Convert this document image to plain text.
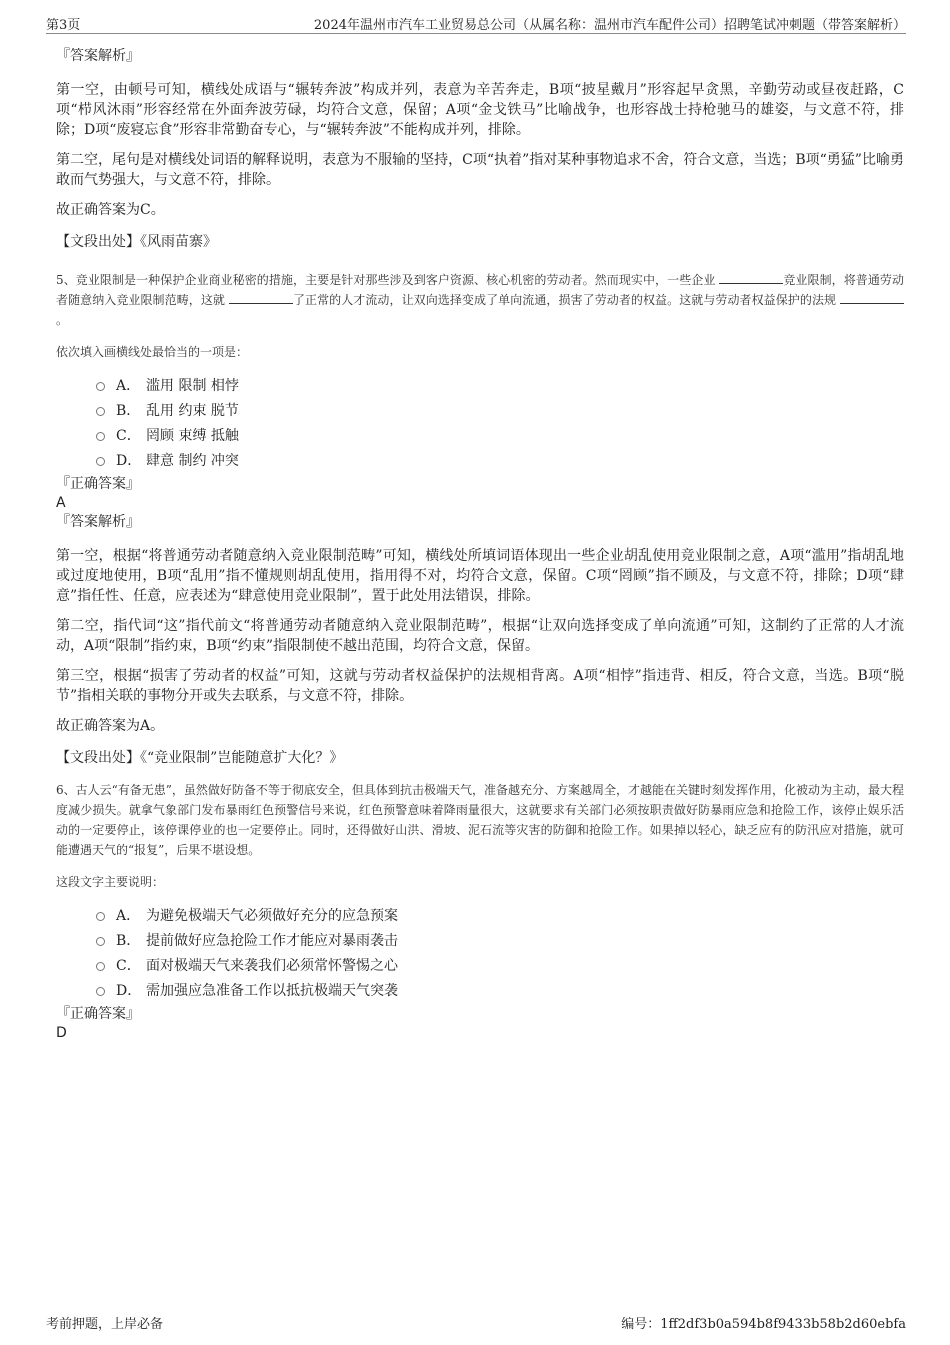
第3页	2024年温州市汽车工业贸易总公司（从属名称：温州市汽车配件公司）招聘笔试冲刺题（带答案解析）

『答案解析』

第一空，由顿号可知，横线处成语与“辗转奔波”构成并列，表意为辛苦奔走，B项“披星戴月”形容起早贪黑，辛勤劳动或昼夜赶路，C项“栉风沐雨”形容经常在外面奔波劳碌，均符合文意，保留；A项“金戈铁马”比喻战争，也形容战士持枪驰马的雄姿，与文意不符，排除；D项“废寝忘食”形容非常勤奋专心，与“辗转奔波”不能构成并列，排除。

第二空，尾句是对横线处词语的解释说明，表意为不服输的坚持，C项“执着”指对某种事物追求不舍，符合文意，当选；B项“勇猛”比喻勇敢而气势强大，与文意不符，排除。

故正确答案为C。

【文段出处】《风雨苗寨》

5、竞业限制是一种保护企业商业秘密的措施，主要是针对那些涉及到客户资源、核心机密的劳动者。然而现实中，一些企业	竞业限制，将普通劳动者随意纳入竞业限制范畴，这就	了正常的人才流动，让双向选择变成了单向流通，损害了劳动者的权益。这就与劳动者权益保护的法规 。

依次填入画横线处最恰当的一项是：

A． 滥用 限制 相悖
B． 乱用 约束 脱节
C． 罔顾 束缚 抵触
D． 肆意 制约 冲突

『正确答案』

A

『答案解析』

第一空，根据“将普通劳动者随意纳入竞业限制范畴”可知，横线处所填词语体现出一些企业胡乱使用竞业限制之意，A项“滥用”指胡乱地或过度地使用，B项“乱用”指不懂规则胡乱使用，指用得不对，均符合文意，保留。C项“罔顾”指不顾及，与文意不符，排除；D项“肆意”指任性、任意，应表述为“肆意使用竞业限制”，置于此处用法错误，排除。

第二空，指代词“这”指代前文“将普通劳动者随意纳入竞业限制范畴”，根据“让双向选择变成了单向流通”可知，这制约了正常的人才流动，A项“限制”指约束，B项“约束”指限制使不越出范围，均符合文意，保留。

第三空，根据“损害了劳动者的权益”可知，这就与劳动者权益保护的法规相背离。A项“相悖”指违背、相反，符合文意，当选。B项“脱节”指相关联的事物分开或失去联系，与文意不符，排除。

故正确答案为A。

【文段出处】《“竞业限制”岂能随意扩大化？》

6、古人云“有备无患”，虽然做好防备不等于彻底安全，但具体到抗击极端天气，准备越充分、方案越周全，才越能在关键时刻发挥作用，化被动为主动，最大程度减少损失。就拿气象部门发布暴雨红色预警信号来说，红色预警意味着降雨量很大，这就要求有关部门必须按职责做好防暴雨应急和抢险工作，该停止娱乐活动的一定要停止，该停课停业的也一定要停止。同时，还得做好山洪、滑坡、泥石流等灾害的防御和抢险工作。如果掉以轻心，缺乏应有的防汛应对措施，就可能遭遇天气的“报复”，后果不堪设想。

这段文字主要说明：

A． 为避免极端天气必须做好充分的应急预案
B． 提前做好应急抢险工作才能应对暴雨袭击
C． 面对极端天气来袭我们必须常怀警惕之心
D． 需加强应急准备工作以抵抗极端天气突袭

『正确答案』

D

考前押题，上岸必备	编号：1ff2df3b0a594b8f9433b58b2d60ebfa
